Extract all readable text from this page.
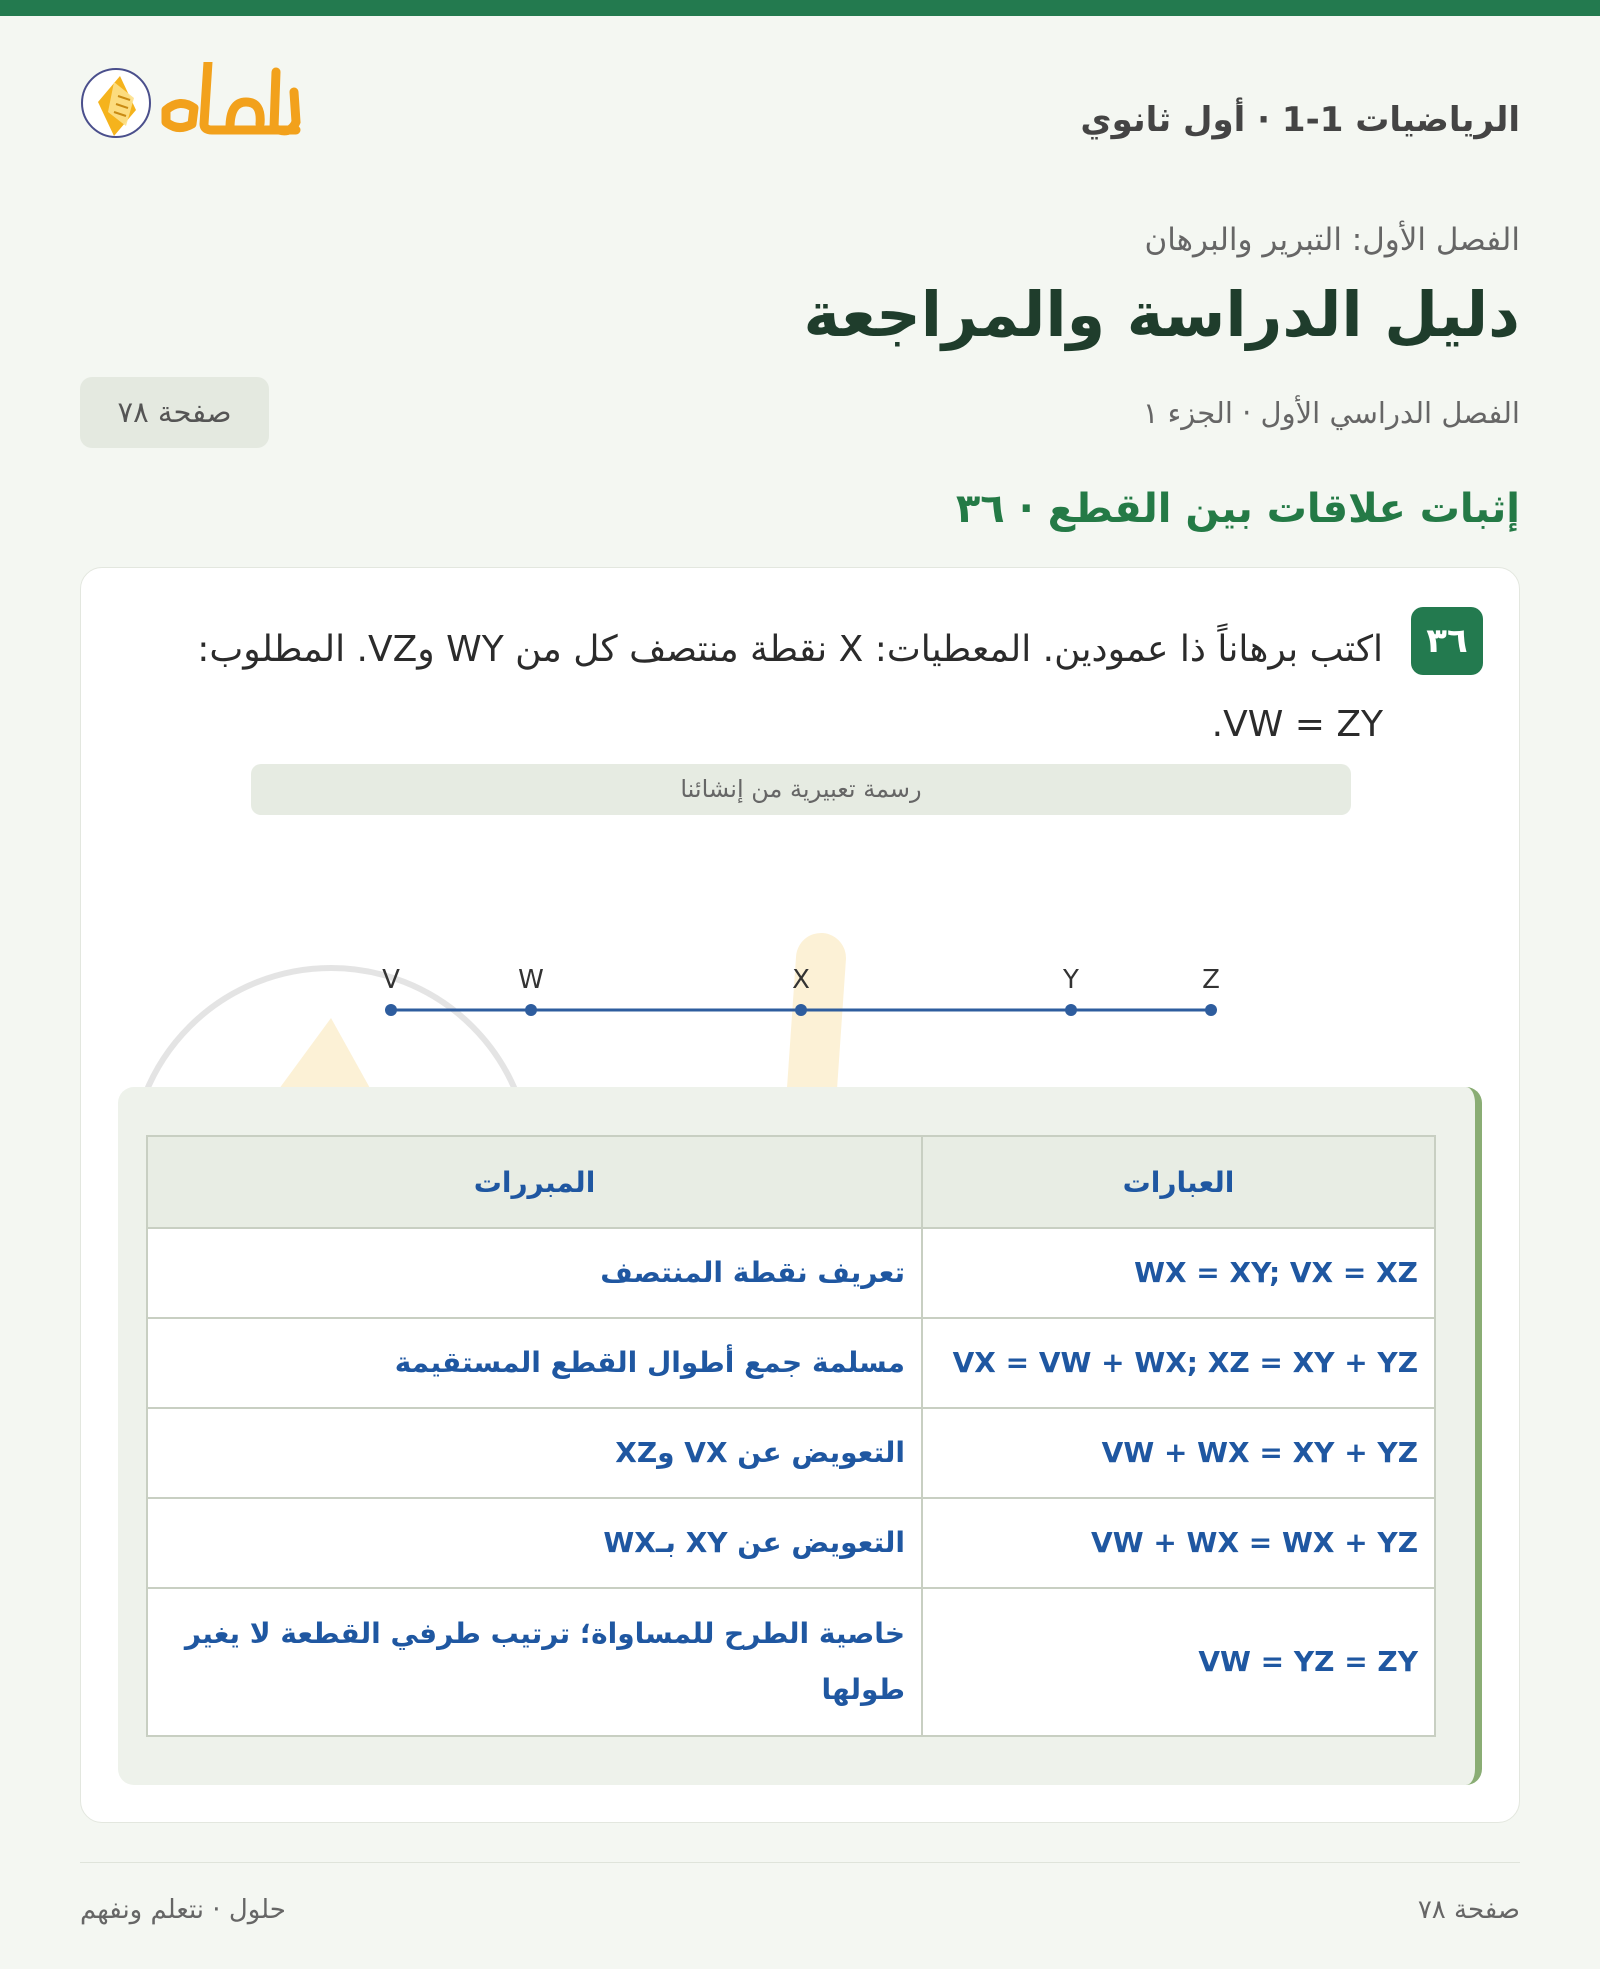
الرياضيات 1-1 · أول ثانوي
الفصل الأول: التبرير والبرهان
دليل الدراسة والمراجعة
الفصل الدراسي الأول · الجزء ١
صفحة ٧٨
إثبات علاقات بين القطع · ٣٦
٣٦
اكتب برهاناً ذا عمودين. المعطيات: X نقطة منتصف كل من WY وVZ. المطلوب: VW = ZY.
رسمة تعبيرية من إنشائنا
V	W	X	Y	Z
العبارات	المبررات
WX = XY; VX = XZ	تعريف نقطة المنتصف
VX = VW + WX; XZ = XY + YZ	مسلمة جمع أطوال القطع المستقيمة
VW + WX = XY + YZ	التعويض عن VX وXZ
VW + WX = WX + YZ	التعويض عن XY بـWX
VW = YZ = ZY	خاصية الطرح للمساواة؛ ترتيب طرفي القطعة لا يغير طولها
صفحة ٧٨
حلول · نتعلم ونفهم
